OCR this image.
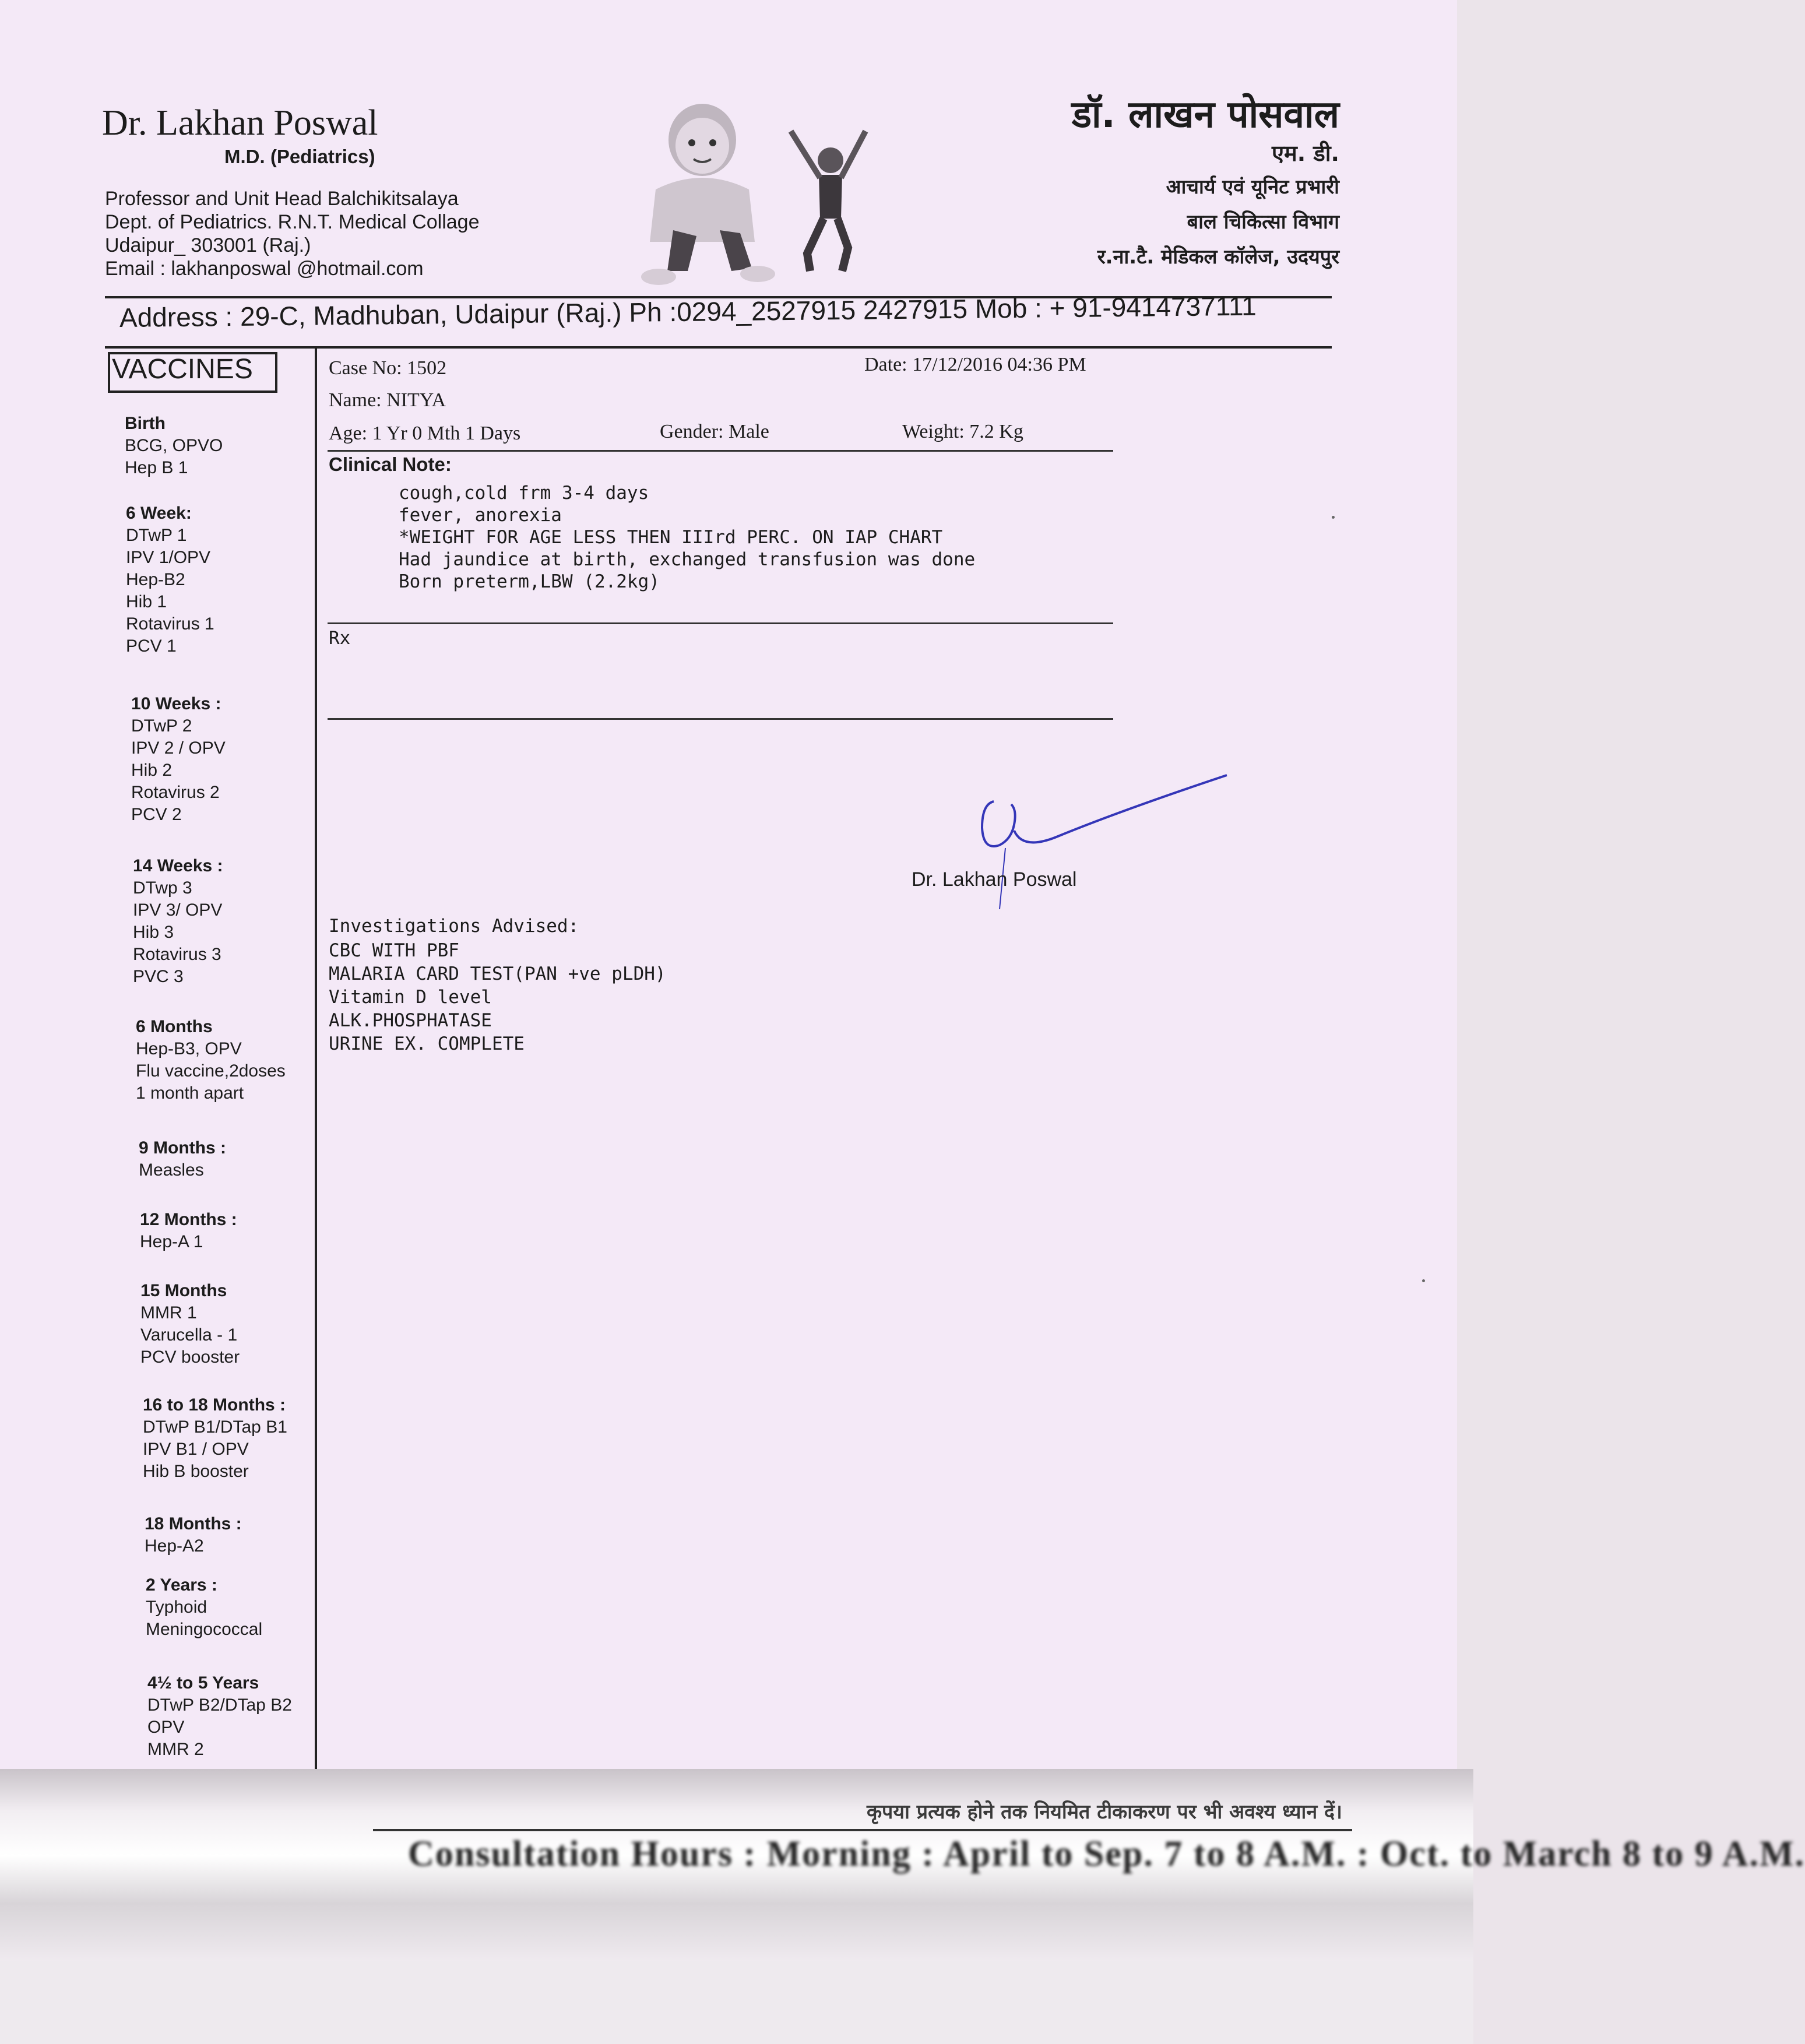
Dr. Lakhan Poswal
M.D. (Pediatrics)
Professor and Unit Head Balchikitsalaya
Dept. of Pediatrics. R.N.T. Medical Collage
Udaipur_ 303001 (Raj.)
Email : lakhanposwal @hotmail.com
डॉ. लाखन पोसवाल
एम. डी.
आचार्य एवं यूनिट प्रभारी
बाल चिकित्सा विभाग
र.ना.टै. मेडिकल कॉलेज, उदयपुर
Address : 29-C, Madhuban, Udaipur (Raj.) Ph :0294_2527915 2427915 Mob : + 91-9414737111
VACCINES
Birth
BCG, OPVO
Hep B 1
6 Week:
DTwP 1
IPV 1/OPV
Hep-B2
Hib 1
Rotavirus 1
PCV 1
10 Weeks :
DTwP 2
IPV 2 / OPV
Hib 2
Rotavirus 2
PCV 2
14 Weeks :
DTwp 3
IPV 3/ OPV
Hib 3
Rotavirus 3
PVC 3
6 Months
Hep-B3, OPV
Flu vaccine,2doses
1 month apart
9 Months :
Measles
12 Months :
Hep-A 1
15 Months
MMR 1
Varucella - 1
PCV booster
16 to 18 Months :
DTwP B1/DTap B1
IPV B1 / OPV
Hib B booster
18 Months :
Hep-A2
2 Years :
Typhoid
Meningococcal
4½ to 5 Years
DTwP B2/DTap B2
OPV
MMR 2
Case No: 1502	Date: 17/12/2016 04:36 PM
Name: NITYA
Age: 1 Yr 0 Mth 1 Days	Gender: Male	Weight: 7.2 Kg
Clinical Note:
cough,cold frm 3-4 days
fever, anorexia
*WEIGHT FOR AGE LESS THEN IIIrd PERC. ON IAP CHART
Had jaundice at birth, exchanged transfusion was done
Born preterm,LBW (2.2kg)
Rx
Dr. Lakhan Poswal
Investigations Advised:
CBC WITH PBF
MALARIA CARD TEST(PAN +ve pLDH)
Vitamin D level
ALK.PHOSPHATASE
URINE EX. COMPLETE
कृपया प्रत्यक होने तक नियमित टीकाकरण पर भी अवश्य ध्यान दें।
Consultation Hours : Morning : April to Sep. 7 to 8 A.M. : Oct. to March 8 to 9 A.M.
